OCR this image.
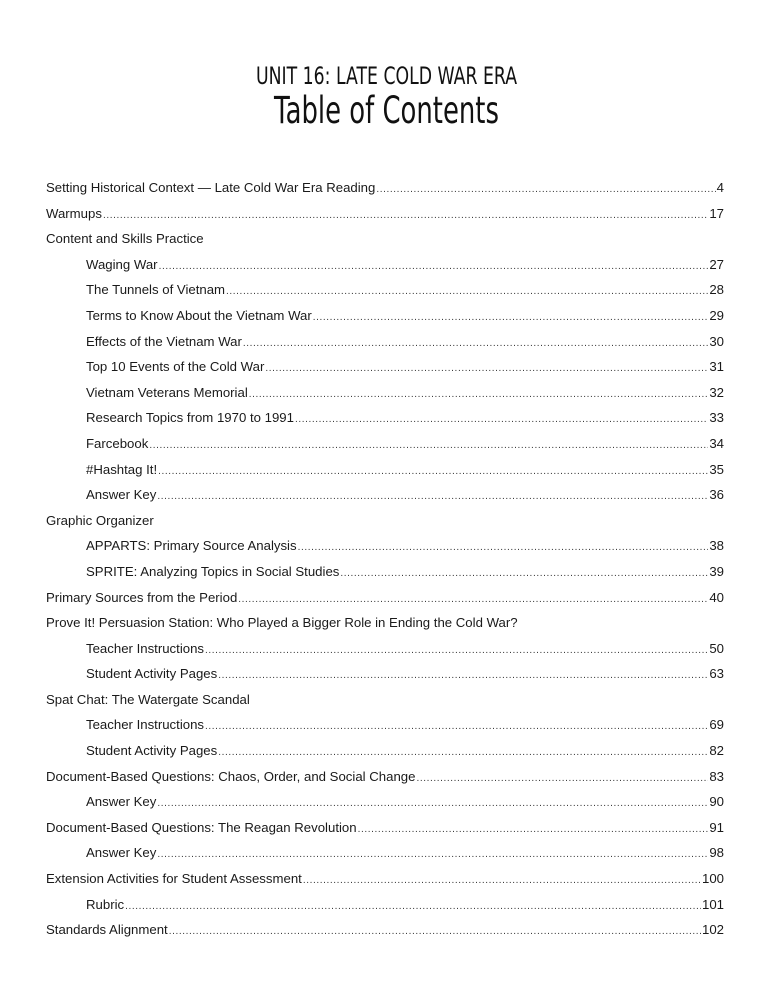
UNIT 16: LATE COLD WAR ERA
Table of Contents
Setting Historical Context — Late Cold War Era Reading .....	4
Warmups .....	17
Content and Skills Practice
Waging War .....	27
The Tunnels of Vietnam .....	28
Terms to Know About the Vietnam War .....	29
Effects of the Vietnam War .....	30
Top 10 Events of the Cold War .....	31
Vietnam Veterans Memorial .....	32
Research Topics from 1970 to 1991 .....	33
Farcebook .....	34
#Hashtag It! .....	35
Answer Key .....	36
Graphic Organizer
APPARTS: Primary Source Analysis .....	38
SPRITE: Analyzing Topics in Social Studies .....	39
Primary Sources from the Period .....	40
Prove It! Persuasion Station: Who Played a Bigger Role in Ending the Cold War?
Teacher Instructions .....	50
Student Activity Pages .....	63
Spat Chat: The Watergate Scandal
Teacher Instructions .....	69
Student Activity Pages .....	82
Document-Based Questions: Chaos, Order, and Social Change .....	83
Answer Key .....	90
Document-Based Questions: The Reagan Revolution .....	91
Answer Key .....	98
Extension Activities for Student Assessment .....	100
Rubric .....	101
Standards Alignment .....	102
